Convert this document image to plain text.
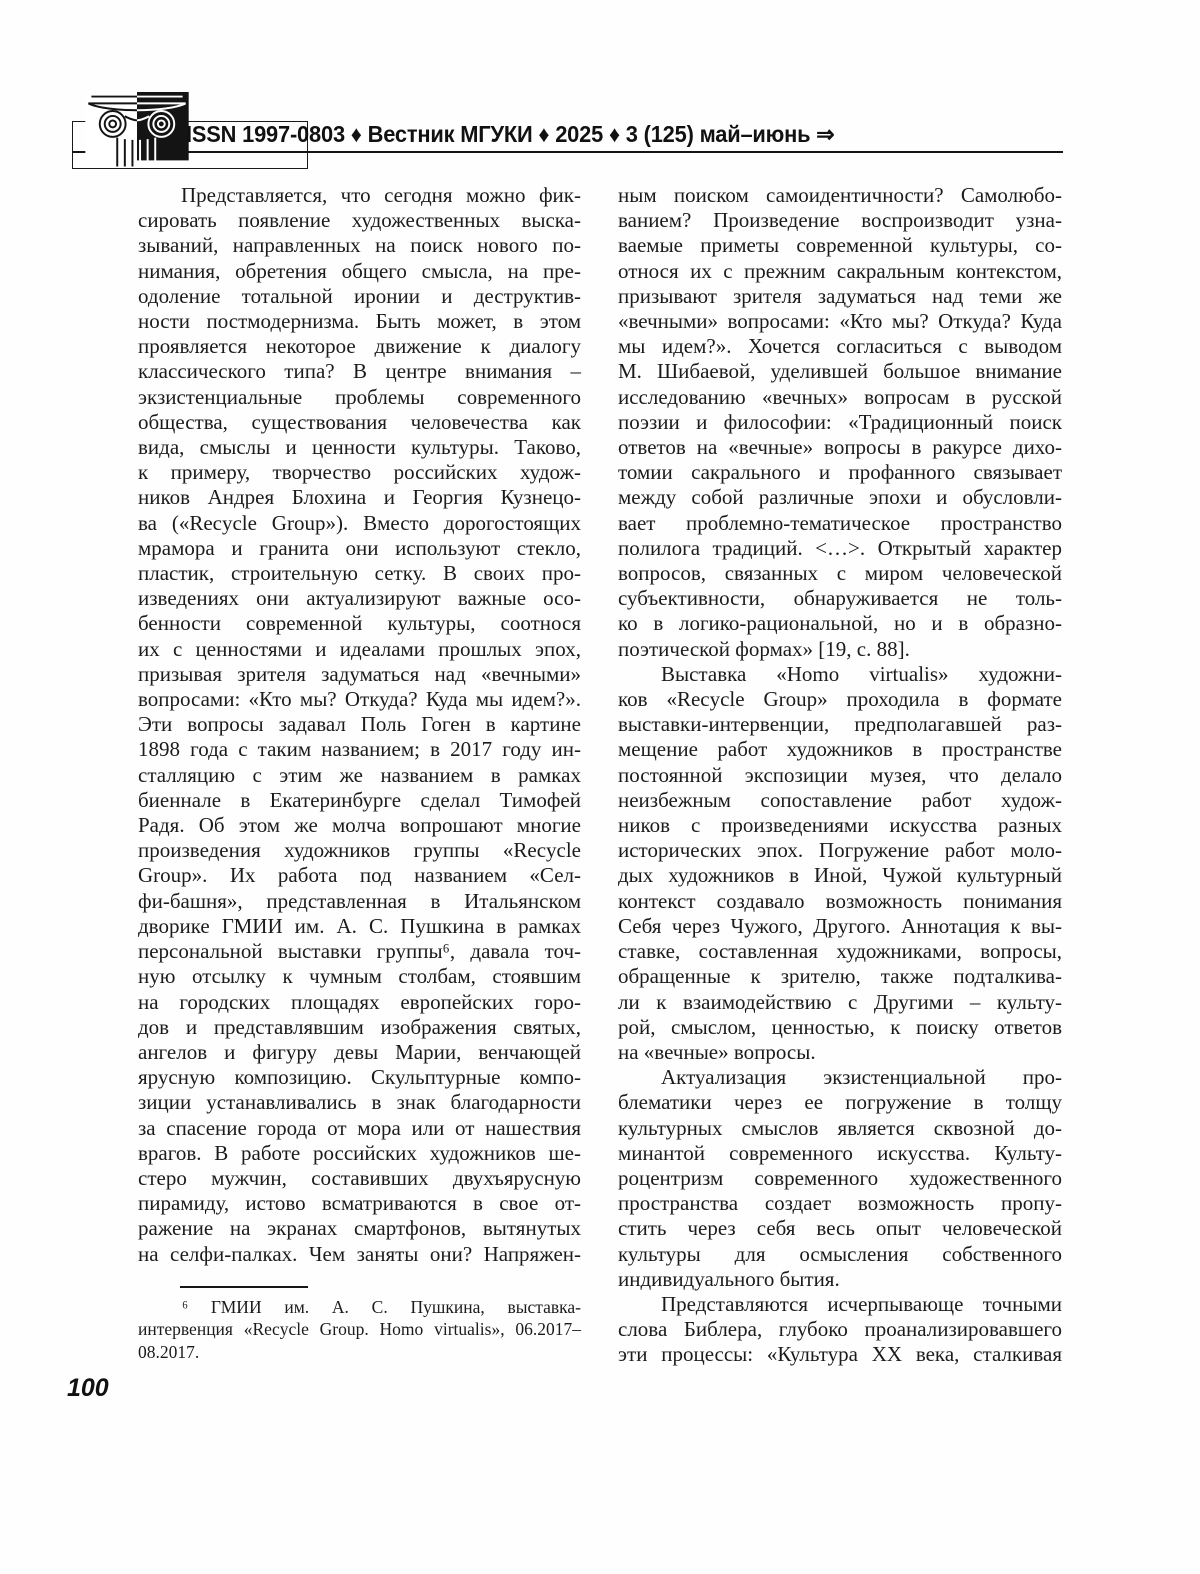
ISSN 1997-0803 ♦ Вестник МГУКИ ♦ 2025 ♦ 3 (125) май–июнь ⇒
Представляется, что сегодня можно фик-
сировать появление художественных выска-
зываний, направленных на поиск нового по-
нимания, обретения общего смысла, на пре-
одоление тотальной иронии и деструктив-
ности постмодернизма. Быть может, в этом
проявляется некоторое движение к диалогу
классического типа? В центре внимания –
экзистенциальные проблемы современного
общества, существования человечества как
вида, смыслы и ценности культуры. Таково,
к примеру, творчество российских худож-
ников Андрея Блохина и Георгия Кузнецо-
ва («Recycle Group»). Вместо дорогостоящих
мрамора и гранита они используют стекло,
пластик, строительную сетку. В своих про-
изведениях они актуализируют важные осо-
бенности современной культуры, соотнося
их с ценностями и идеалами прошлых эпох,
призывая зрителя задуматься над «вечными»
вопросами: «Кто мы? Откуда? Куда мы идем?».
Эти вопросы задавал Поль Гоген в картине
1898 года с таким названием; в 2017 году ин-
сталляцию с этим же названием в рамках
биеннале в Екатеринбурге сделал Тимофей
Радя. Об этом же молча вопрошают многие
произведения художников группы «Recycle
Group». Их работа под названием «Сел-
фи-башня», представленная в Итальянском
дворике ГМИИ им. А. С. Пушкина в рамках
персональной выставки группы⁶, давала точ-
ную отсылку к чумным столбам, стоявшим
на городских площадях европейских горо-
дов и представлявшим изображения святых,
ангелов и фигуру девы Марии, венчающей
ярусную композицию. Скульптурные компо-
зиции устанавливались в знак благодарности
за спасение города от мора или от нашествия
врагов. В работе российских художников ше-
стеро мужчин, составивших двухъярусную
пирамиду, истово всматриваются в свое от-
ражение на экранах смартфонов, вытянутых
на селфи-палках. Чем заняты они? Напряжен-
⁶ ГМИИ им. А. С. Пушкина, выставка-
интервенция «Recycle Group. Homo virtualis», 06.2017–
08.2017.
ным поиском самоидентичности? Самолюбо-
ванием? Произведение воспроизводит узна-
ваемые приметы современной культуры, со-
относя их с прежним сакральным контекстом,
призывают зрителя задуматься над теми же
«вечными» вопросами: «Кто мы? Откуда? Куда
мы идем?». Хочется согласиться с выводом
М. Шибаевой, уделившей большое внимание
исследованию «вечных» вопросам в русской
поэзии и философии: «Традиционный поиск
ответов на «вечные» вопросы в ракурсе дихо-
томии сакрального и профанного связывает
между собой различные эпохи и обусловли-
вает проблемно-тематическое пространство
полилога традиций. <…>. Открытый характер
вопросов, связанных с миром человеческой
субъективности, обнаруживается не толь-
ко в логико-рациональной, но и в образно-
поэтической формах» [19, с. 88].
Выставка «Homo virtualis» художни-
ков «Recycle Group» проходила в формате
выставки-интервенции, предполагавшей раз-
мещение работ художников в пространстве
постоянной экспозиции музея, что делало
неизбежным сопоставление работ худож-
ников с произведениями искусства разных
исторических эпох. Погружение работ моло-
дых художников в Иной, Чужой культурный
контекст создавало возможность понимания
Себя через Чужого, Другого. Аннотация к вы-
ставке, составленная художниками, вопросы,
обращенные к зрителю, также подталкива-
ли к взаимодействию с Другими – культу-
рой, смыслом, ценностью, к поиску ответов
на «вечные» вопросы.
Актуализация экзистенциальной про-
блематики через ее погружение в толщу
культурных смыслов является сквозной до-
минантой современного искусства. Культу-
роцентризм современного художественного
пространства создает возможность пропу-
стить через себя весь опыт человеческой
культуры для осмысления собственного
индивидуального бытия.
Представляются исчерпывающе точными
слова Библера, глубоко проанализировавшего
эти процессы: «Культура XX века, сталкивая
100
